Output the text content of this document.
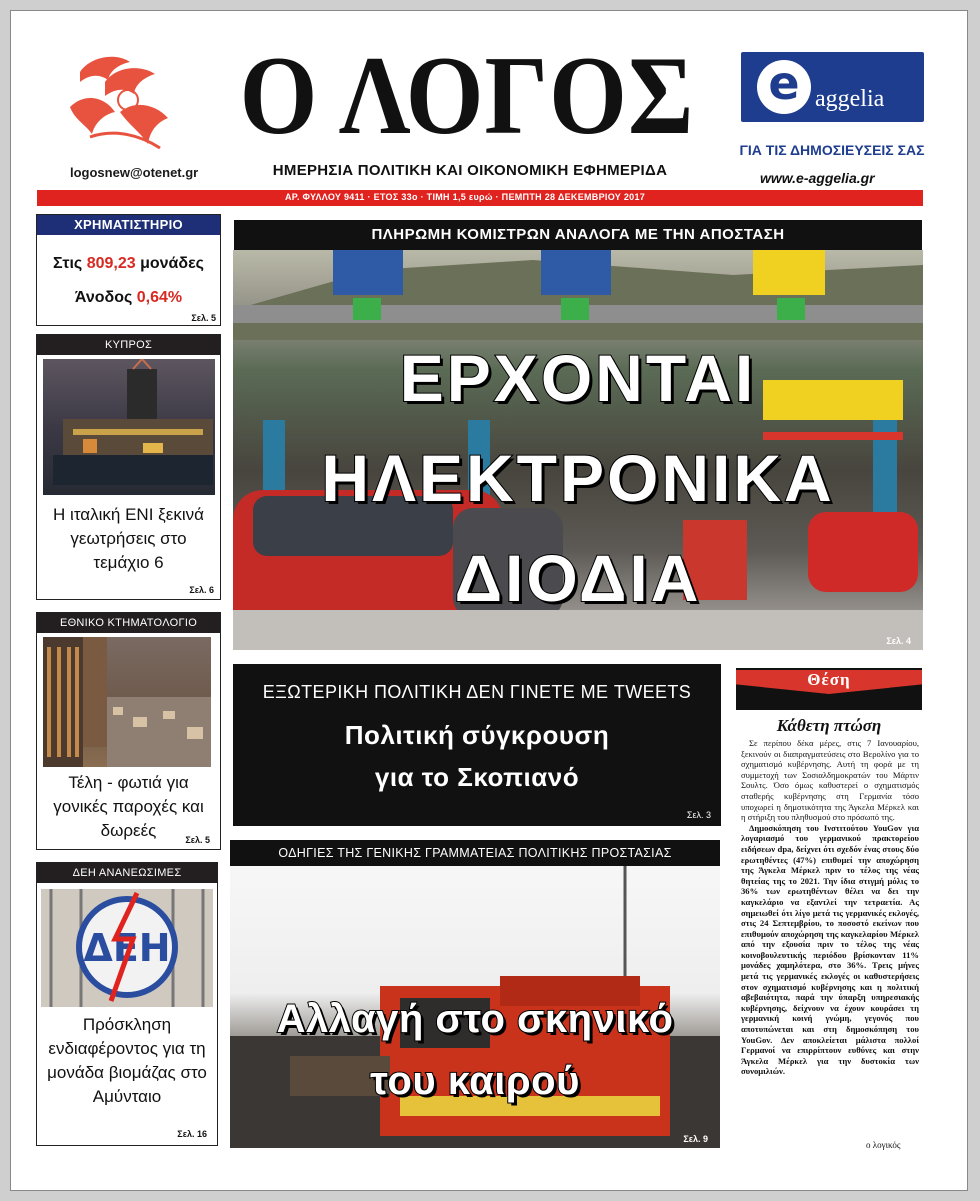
logosnew@otenet.gr
Ο ΛΟΓΟΣ
ΗΜΕΡΗΣΙΑ ΠΟΛΙΤΙΚΗ ΚΑΙ ΟΙΚΟΝΟΜΙΚΗ ΕΦΗΜΕΡΙΔΑ
e aggelia
ΓΙΑ ΤΙΣ ΔΗΜΟΣΙΕΥΣΕΙΣ ΣΑΣ
www.e-aggelia.gr
ΑΡ. ΦΥΛΛΟΥ 9411 · ΕΤΟΣ 33ο · ΤΙΜΗ 1,5 ευρώ · ΠΕΜΠΤΗ 28 ΔΕΚΕΜΒΡΙΟΥ 2017
ΧΡΗΜΑΤΙΣΤΗΡΙΟ
Στις 809,23 μονάδες
Άνοδος 0,64%
Σελ. 5
ΚΥΠΡΟΣ
Η ιταλική ΕΝΙ ξεκινά γεωτρήσεις στο τεμάχιο 6
Σελ. 6
ΕΘΝΙΚΟ ΚΤΗΜΑΤΟΛΟΓΙΟ
Τέλη - φωτιά για γονικές παροχές και δωρεές	Σελ. 5
ΔΕΗ ΑΝΑΝΕΩΣΙΜΕΣ
ΔΕΗ
Πρόσκληση ενδιαφέροντος για τη μονάδα βιομάζας στο Αμύνταιο
Σελ. 16
ΠΛΗΡΩΜΗ ΚΟΜΙΣΤΡΩΝ ΑΝΑΛΟΓΑ ΜΕ ΤΗΝ ΑΠΟΣΤΑΣΗ
ΕΡΧΟΝΤΑΙ
ΗΛΕΚΤΡΟΝΙΚΑ
ΔΙΟΔΙΑ
Σελ. 4
ΕΞΩΤΕΡΙΚΗ ΠΟΛΙΤΙΚΗ ΔΕΝ ΓΙΝΕΤΕ ΜΕ TWEETS
Πολιτική σύγκρουση
για το Σκοπιανό
Σελ. 3
ΟΔΗΓΙΕΣ ΤΗΣ ΓΕΝΙΚΗΣ ΓΡΑΜΜΑΤΕΙΑΣ ΠΟΛΙΤΙΚΗΣ ΠΡΟΣΤΑΣΙΑΣ
Αλλαγή στο σκηνικό
του καιρού
Σελ. 9
Θέση
Κάθετη πτώση

Σε περίπου δέκα μέρες, στις 7 Ιανουαρίου, ξεκινούν οι διαπραγματεύσεις στο Βερολίνο για το σχηματισμό κυβέρνησης. Αυτή τη φορά με τη συμμετοχή των Σοσιαλδημοκρατών του Μάρτιν Σουλτς. Όσο όμως καθυστερεί ο σχηματισμός σταθερής κυβέρνησης στη Γερμανία τόσο υποχωρεί η δημοτικότητα της Άγκελα Μέρκελ και η στήριξη του πληθυσμού στο πρόσωπό της.

Δημοσκόπηση του Ινστιτούτου YouGov για λογαριασμό του γερμανικού πρακτορείου ειδήσεων dpa, δείχνει ότι σχεδόν ένας στους δύο ερωτηθέντες (47%) επιθυμεί την αποχώρηση της Άγκελα Μέρκελ πριν το τέλος της νέας θητείας της το 2021. Την ίδια στιγμή μόλις το 36% των ερωτηθέντων θέλει να δει την καγκελάριο να εξαντλεί την τετραετία. Ας σημειωθεί ότι λίγο μετά τις γερμανικές εκλογές, στις 24 Σεπτεμβρίου, το ποσοστό εκείνων που επιθυμούν αποχώρηση της καγκελαρίου Μέρκελ από την εξουσία πριν το τέλος της νέας κοινοβουλευτικής περιόδου βρίσκονταν 11% μονάδες χαμηλότερα, στο 36%. Τρεις μήνες μετά τις γερμανικές εκλογές οι καθυστερήσεις στον σχηματισμό κυβέρνησης και η πολιτική αβεβαιότητα, παρά την ύπαρξη υπηρεσιακής κυβέρνησης, δείχνουν να έχουν κουράσει τη γερμανική κοινή γνώμη, γεγονός που αποτυπώνεται και στη δημοσκόπηση του YouGov. Δεν αποκλείεται μάλιστα πολλοί Γερμανοί να επιρρίπτουν ευθύνες και στην Άγκελα Μέρκελ για την δυστοκία των συνομιλιών.

ο λογικός
